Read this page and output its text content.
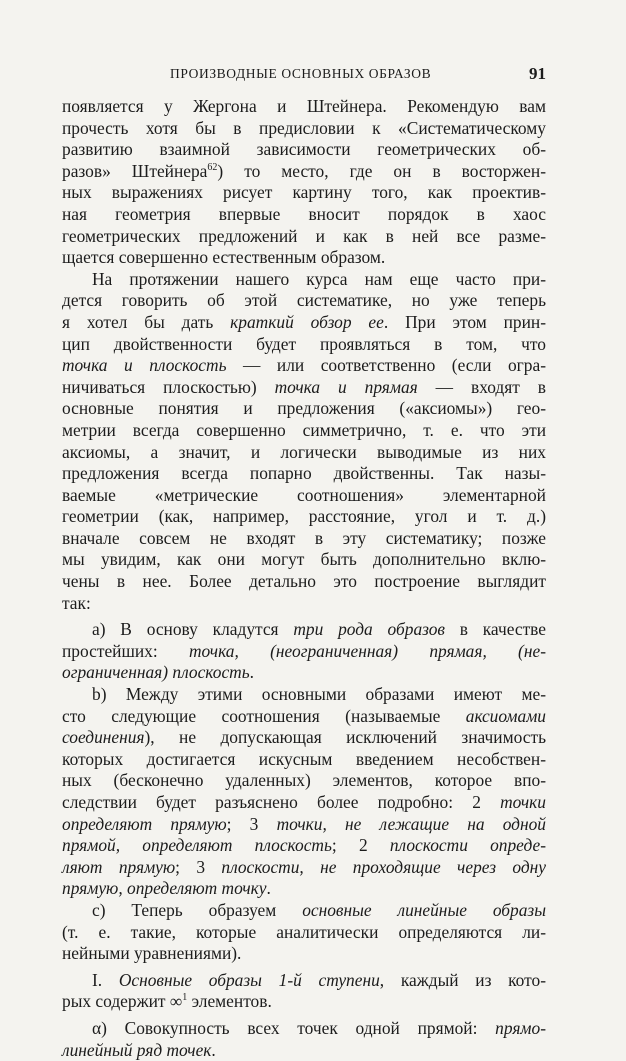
ПРОИЗВОДНЫЕ ОСНОВНЫХ ОБРАЗОВ	91
появляется у Жергона и Штейнера. Рекомендую вам
прочесть хотя бы в предисловии к «Систематическому
развитию взаимной зависимости геометрических об-
разов» Штейнера$^{62}$) то место, где он в восторжен-
ных выражениях рисует картину того, как проектив-
ная геометрия впервые вносит порядок в хаос
геометрических предложений и как в ней все разме-
щается совершенно естественным образом.
На протяжении нашего курса нам еще часто при-
дется говорить об этой систематике, но уже теперь
я хотел бы дать краткий обзор ее. При этом прин-
цип двойственности будет проявляться в том, что
точка и плоскость — или соответственно (если огра-
ничиваться плоскостью) точка и прямая — входят в
основные понятия и предложения («аксиомы») гео-
метрии всегда совершенно симметрично, т. е. что эти
аксиомы, а значит, и логически выводимые из них
предложения всегда попарно двойственны. Так назы-
ваемые «метрические соотношения» элементарной
геометрии (как, например, расстояние, угол и т. д.)
вначале совсем не входят в эту систематику; позже
мы увидим, как они могут быть дополнительно вклю-
чены в нее. Более детально это построение выглядит
так:
а) В основу кладутся три рода образов в качестве
простейших: точка, (неограниченная) прямая, (не-
ограниченная) плоскость.
b) Между этими основными образами имеют ме-
сто следующие соотношения (называемые аксиомами
соединения), не допускающая исключений значимость
которых достигается искусным введением несобствен-
ных (бесконечно удаленных) элементов, которое впо-
следствии будет разъяснено более подробно: 2 точки
определяют прямую; 3 точки, не лежащие на одной
прямой, определяют плоскость; 2 плоскости опреде-
ляют прямую; 3 плоскости, не проходящие через одну
прямую, определяют точку.
с) Теперь образуем основные линейные образы
(т. е. такие, которые аналитически определяются ли-
нейными уравнениями).
I. Основные образы 1-й ступени, каждый из кото-
рых содержит ∞$^1$ элементов.
α) Совокупность всех точек одной прямой: прямо-
линейный ряд точек.
